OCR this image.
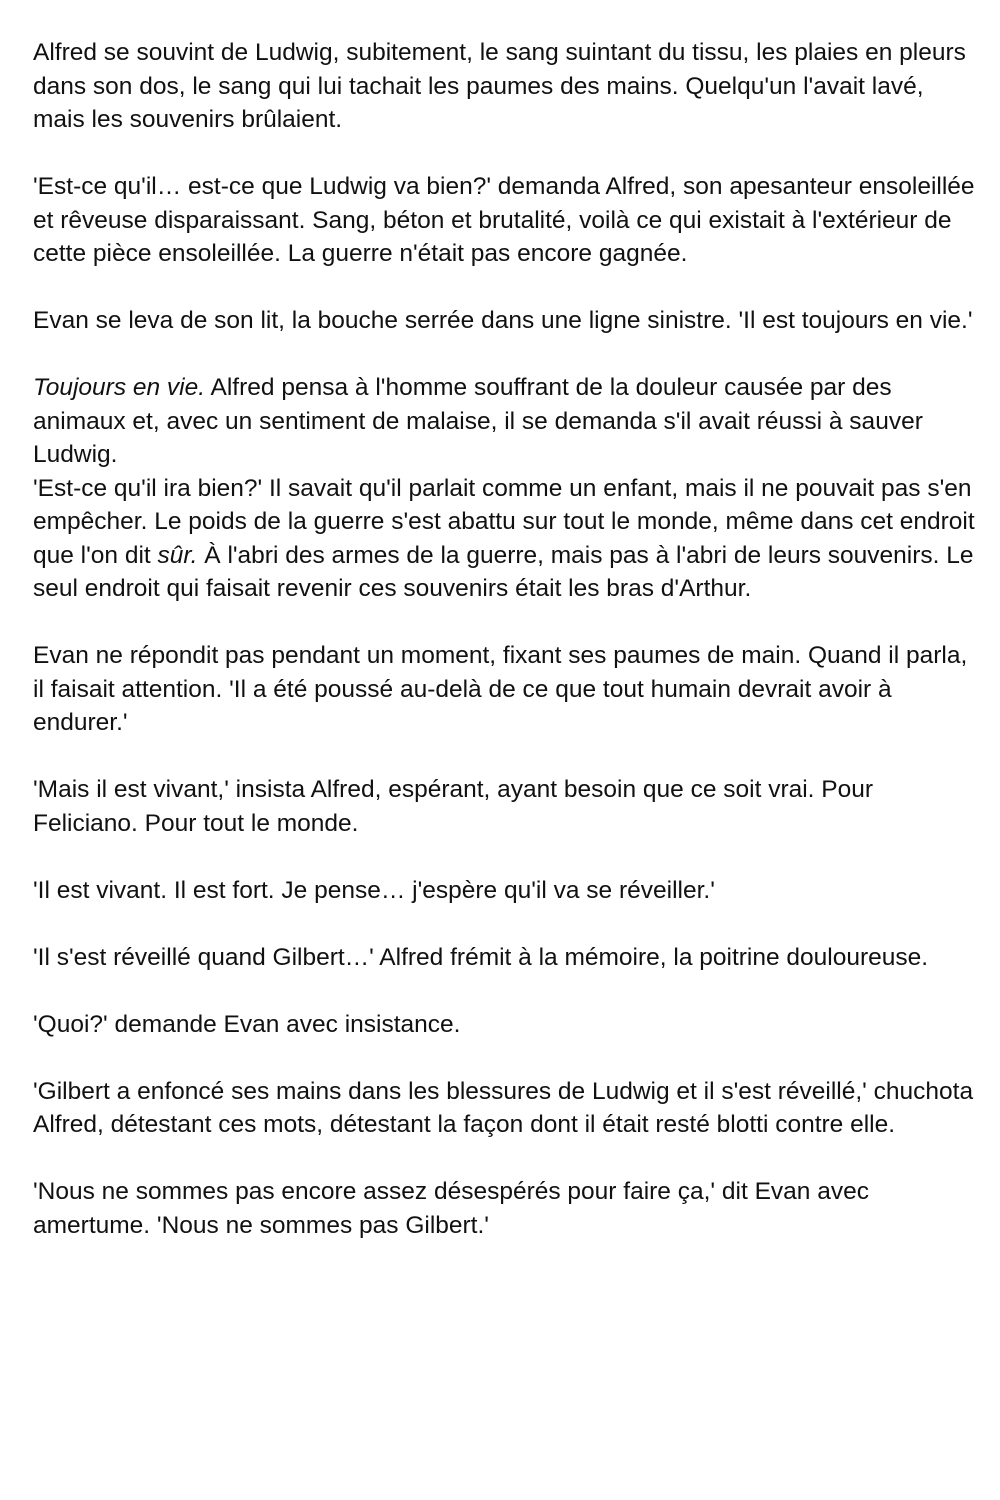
Alfred se souvint de Ludwig, subitement, le sang suintant du tissu, les plaies en pleurs dans son dos, le sang qui lui tachait les paumes des mains. Quelqu'un l'avait lavé, mais les souvenirs brûlaient.

'Est-ce qu'il… est-ce que Ludwig va bien?' demanda Alfred, son apesanteur ensoleillée et rêveuse disparaissant. Sang, béton et brutalité, voilà ce qui existait à l'extérieur de cette pièce ensoleillée. La guerre n'était pas encore gagnée.

Evan se leva de son lit, la bouche serrée dans une ligne sinistre. 'Il est toujours en vie.'

Toujours en vie. Alfred pensa à l'homme souffrant de la douleur causée par des animaux et, avec un sentiment de malaise, il se demanda s'il avait réussi à sauver Ludwig.

'Est-ce qu'il ira bien?' Il savait qu'il parlait comme un enfant, mais il ne pouvait pas s'en empêcher. Le poids de la guerre s'est abattu sur tout le monde, même dans cet endroit que l'on dit sûr. À l'abri des armes de la guerre, mais pas à l'abri de leurs souvenirs. Le seul endroit qui faisait revenir ces souvenirs était les bras d'Arthur.

Evan ne répondit pas pendant un moment, fixant ses paumes de main. Quand il parla, il faisait attention. 'Il a été poussé au-delà de ce que tout humain devrait avoir à endurer.'

'Mais il est vivant,' insista Alfred, espérant, ayant besoin que ce soit vrai. Pour Feliciano. Pour tout le monde.

'Il est vivant. Il est fort. Je pense… j'espère qu'il va se réveiller.'

'Il s'est réveillé quand Gilbert…' Alfred frémit à la mémoire, la poitrine douloureuse.

'Quoi?' demande Evan avec insistance.

'Gilbert a enfoncé ses mains dans les blessures de Ludwig et il s'est réveillé,' chuchota Alfred, détestant ces mots, détestant la façon dont il était resté blotti contre elle.

'Nous ne sommes pas encore assez désespérés pour faire ça,' dit Evan avec amertume. 'Nous ne sommes pas Gilbert.'
